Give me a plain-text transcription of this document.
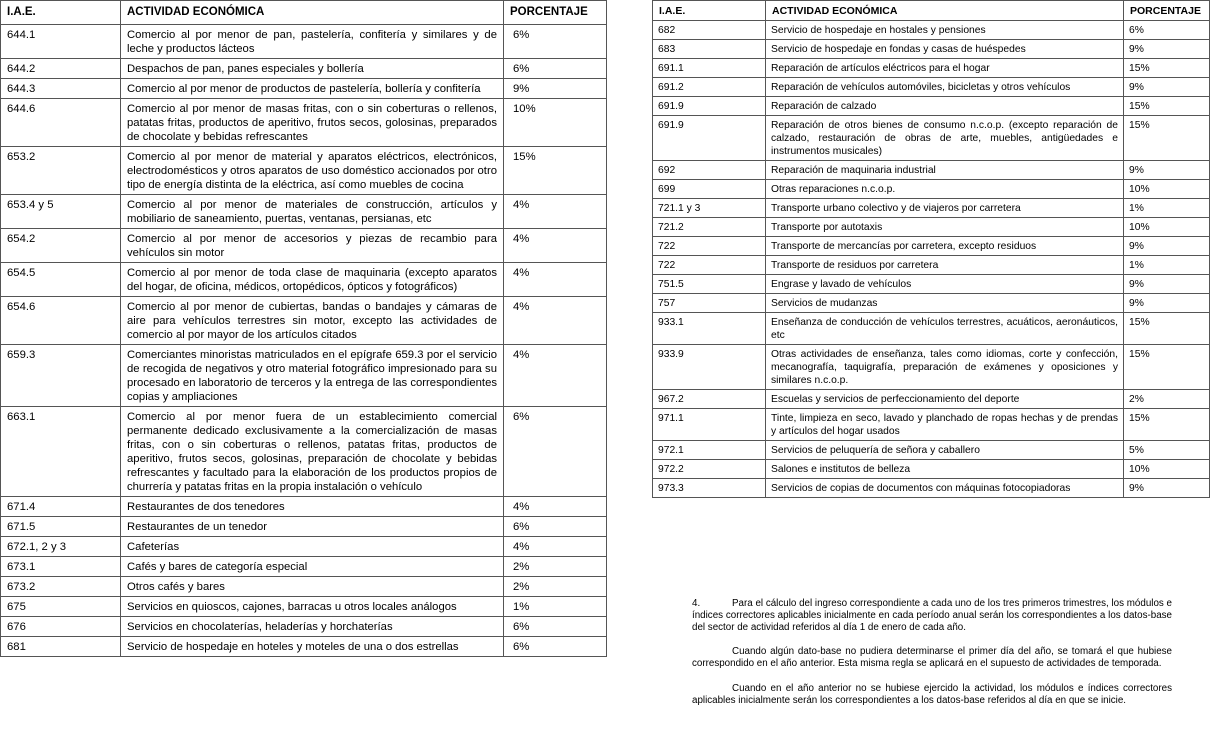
I.A.E.	ACTIVIDAD ECONÓMICA	PORCENTAJE
644.1	Comercio al por menor de pan, pastelería, confitería y similares y de leche y productos lácteos	6%
644.2	Despachos de pan, panes especiales y bollería	6%
644.3	Comercio al por menor de productos de pastelería, bollería y confitería	9%
644.6	Comercio al por menor de masas fritas, con o sin coberturas o rellenos, patatas fritas, productos de aperitivo, frutos secos, golosinas, preparados de chocolate y bebidas refrescantes	10%
653.2	Comercio al por menor de material y aparatos eléctricos, electrónicos, electrodomésticos y otros aparatos de uso doméstico accionados por otro tipo de energía distinta de la eléctrica, así como muebles de cocina	15%
653.4 y 5	Comercio al por menor de materiales de construcción, artículos y mobiliario de saneamiento, puertas, ventanas, persianas, etc	4%
654.2	Comercio al por menor de accesorios y piezas de recambio para vehículos sin motor	4%
654.5	Comercio al por menor de toda clase de maquinaria (excepto aparatos del hogar, de oficina, médicos, ortopédicos, ópticos y fotográficos)	4%
654.6	Comercio al por menor de cubiertas, bandas o bandajes y cámaras de aire para vehículos terrestres sin motor, excepto las actividades de comercio al por mayor de los artículos citados	4%
659.3	Comerciantes minoristas matriculados en el epígrafe 659.3 por el servicio de recogida de negativos y otro material fotográfico impresionado para su procesado en laboratorio de terceros y la entrega de las correspondientes copias y ampliaciones	4%
663.1	Comercio al por menor fuera de un establecimiento comercial permanente dedicado exclusivamente a la comercialización de masas fritas, con o sin coberturas o rellenos, patatas fritas, productos de aperitivo, frutos secos, golosinas, preparación de chocolate y bebidas refrescantes y facultado para la elaboración de los productos propios de churrería y patatas fritas en la propia instalación o vehículo	6%
671.4	Restaurantes de dos tenedores	4%
671.5	Restaurantes de un tenedor	6%
672.1, 2 y 3	Cafeterías	4%
673.1	Cafés y bares de categoría especial	2%
673.2	Otros cafés y bares	2%
675	Servicios en quioscos, cajones, barracas u otros locales análogos	1%
676	Servicios en chocolaterías, heladerías y horchaterías	6%
681	Servicio de hospedaje en hoteles y moteles de una o dos estrellas	6%
I.A.E.	ACTIVIDAD ECONÓMICA	PORCENTAJE
682	Servicio de hospedaje en hostales y pensiones	6%
683	Servicio de hospedaje en fondas y casas de huéspedes	9%
691.1	Reparación de artículos eléctricos para el hogar	15%
691.2	Reparación de vehículos automóviles, bicicletas y otros vehículos	9%
691.9	Reparación de calzado	15%
691.9	Reparación de otros bienes de consumo n.c.o.p. (excepto reparación de calzado, restauración de obras de arte, muebles, antigüedades e instrumentos musicales)	15%
692	Reparación de maquinaria industrial	9%
699	Otras reparaciones n.c.o.p.	10%
721.1 y 3	Transporte urbano colectivo y de viajeros por carretera	1%
721.2	Transporte por autotaxis	10%
722	Transporte de mercancías por carretera, excepto residuos	9%
722	Transporte de residuos por carretera	1%
751.5	Engrase y lavado de vehículos	9%
757	Servicios de mudanzas	9%
933.1	Enseñanza de conducción de vehículos terrestres, acuáticos, aeronáuticos, etc	15%
933.9	Otras actividades de enseñanza, tales como idiomas, corte y confección, mecanografía, taquigrafía, preparación de exámenes y oposiciones y similares n.c.o.p.	15%
967.2	Escuelas y servicios de perfeccionamiento del deporte	2%
971.1	Tinte, limpieza en seco, lavado y planchado de ropas hechas y de prendas y artículos del hogar usados	15%
972.1	Servicios de peluquería de señora y caballero	5%
972.2	Salones e institutos de belleza	10%
973.3	Servicios de copias de documentos con máquinas fotocopiadoras	9%

4.	Para el cálculo del ingreso correspondiente a cada uno de los tres primeros trimestres, los módulos e índices correctores aplicables inicialmente en cada período anual serán los correspondientes a los datos-base del sector de actividad referidos al día 1 de enero de cada año.

Cuando algún dato-base no pudiera determinarse el primer día del año, se tomará el que hubiese correspondido en el año anterior. Esta misma regla se aplicará en el supuesto de actividades de temporada.

Cuando en el año anterior no se hubiese ejercido la actividad, los módulos e índices correctores aplicables inicialmente serán los correspondientes a los datos-base referidos al día en que se inicie.
